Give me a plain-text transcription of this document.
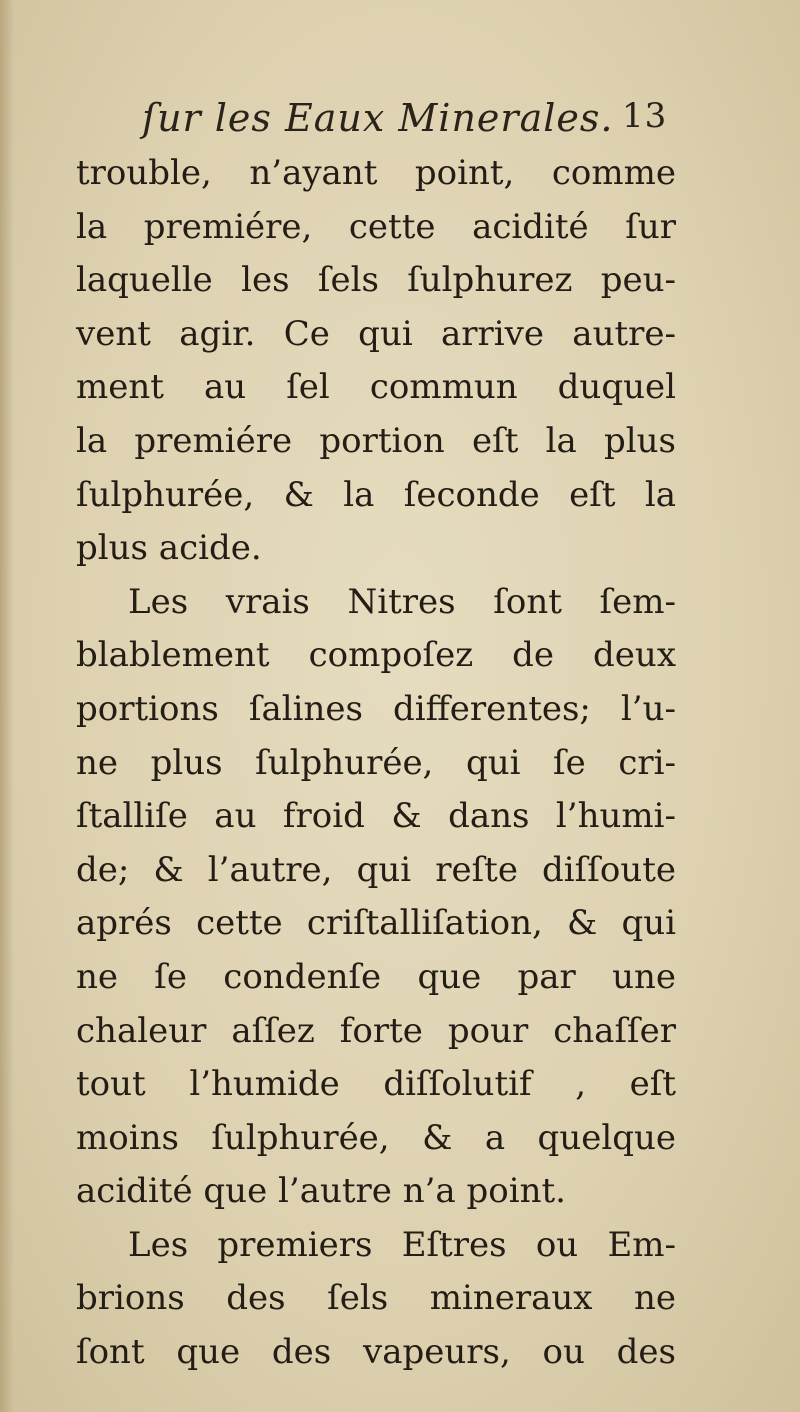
ſur les Eaux Minerales. 13
trouble, n’ayant point, comme
la premiére, cette acidité ſur
laquelle les ſels ſulphurez peu-
vent agir. Ce qui arrive autre-
ment au ſel commun duquel
la premiére portion eſt la plus
ſulphurée, & la ſeconde eſt la
plus acide.
Les vrais Nitres ſont ſem-
blablement compoſez de deux
portions ſalines differentes; l’u-
ne plus ſulphurée, qui ſe cri-
ſtalliſe au froid & dans l’humi-
de; & l’autre, qui reſte diſſoute
aprés cette criſtalliſation, & qui
ne ſe condenſe que par une
chaleur aſſez forte pour chaſſer
tout l’humide diſſolutif , eſt
moins ſulphurée, & a quelque
acidité que l’autre n’a point.
Les premiers Eſtres ou Em-
brions des ſels mineraux ne
ſont que des vapeurs, ou des
